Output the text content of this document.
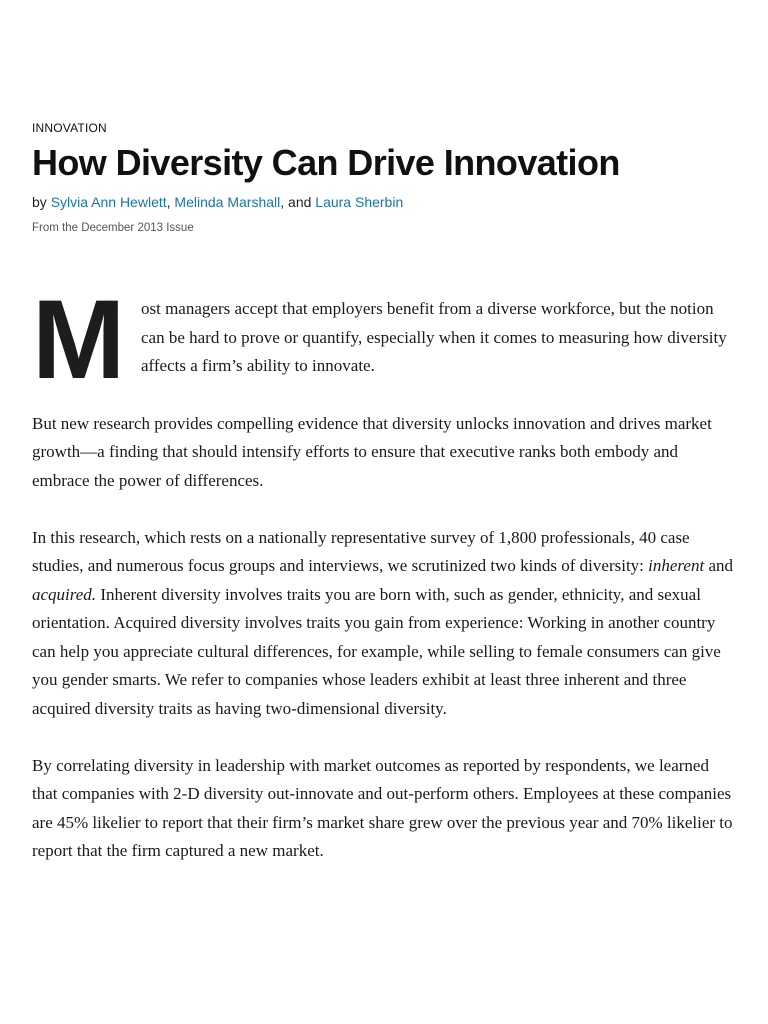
INNOVATION
How Diversity Can Drive Innovation
by Sylvia Ann Hewlett, Melinda Marshall, and Laura Sherbin
From the December 2013 Issue

M ost managers accept that employers benefit from a diverse workforce, but the notion can be hard to prove or quantify, especially when it comes to measuring how diversity affects a firm’s ability to innovate.

But new research provides compelling evidence that diversity unlocks innovation and drives market growth—a finding that should intensify efforts to ensure that executive ranks both embody and embrace the power of differences.

In this research, which rests on a nationally representative survey of 1,800 professionals, 40 case studies, and numerous focus groups and interviews, we scrutinized two kinds of diversity: inherent and acquired. Inherent diversity involves traits you are born with, such as gender, ethnicity, and sexual orientation. Acquired diversity involves traits you gain from experience: Working in another country can help you appreciate cultural differences, for example, while selling to female consumers can give you gender smarts. We refer to companies whose leaders exhibit at least three inherent and three acquired diversity traits as having two-dimensional diversity.

By correlating diversity in leadership with market outcomes as reported by respondents, we learned that companies with 2-D diversity out-innovate and out-perform others. Employees at these companies are 45% likelier to report that their firm’s market share grew over the previous year and 70% likelier to report that the firm captured a new market.
